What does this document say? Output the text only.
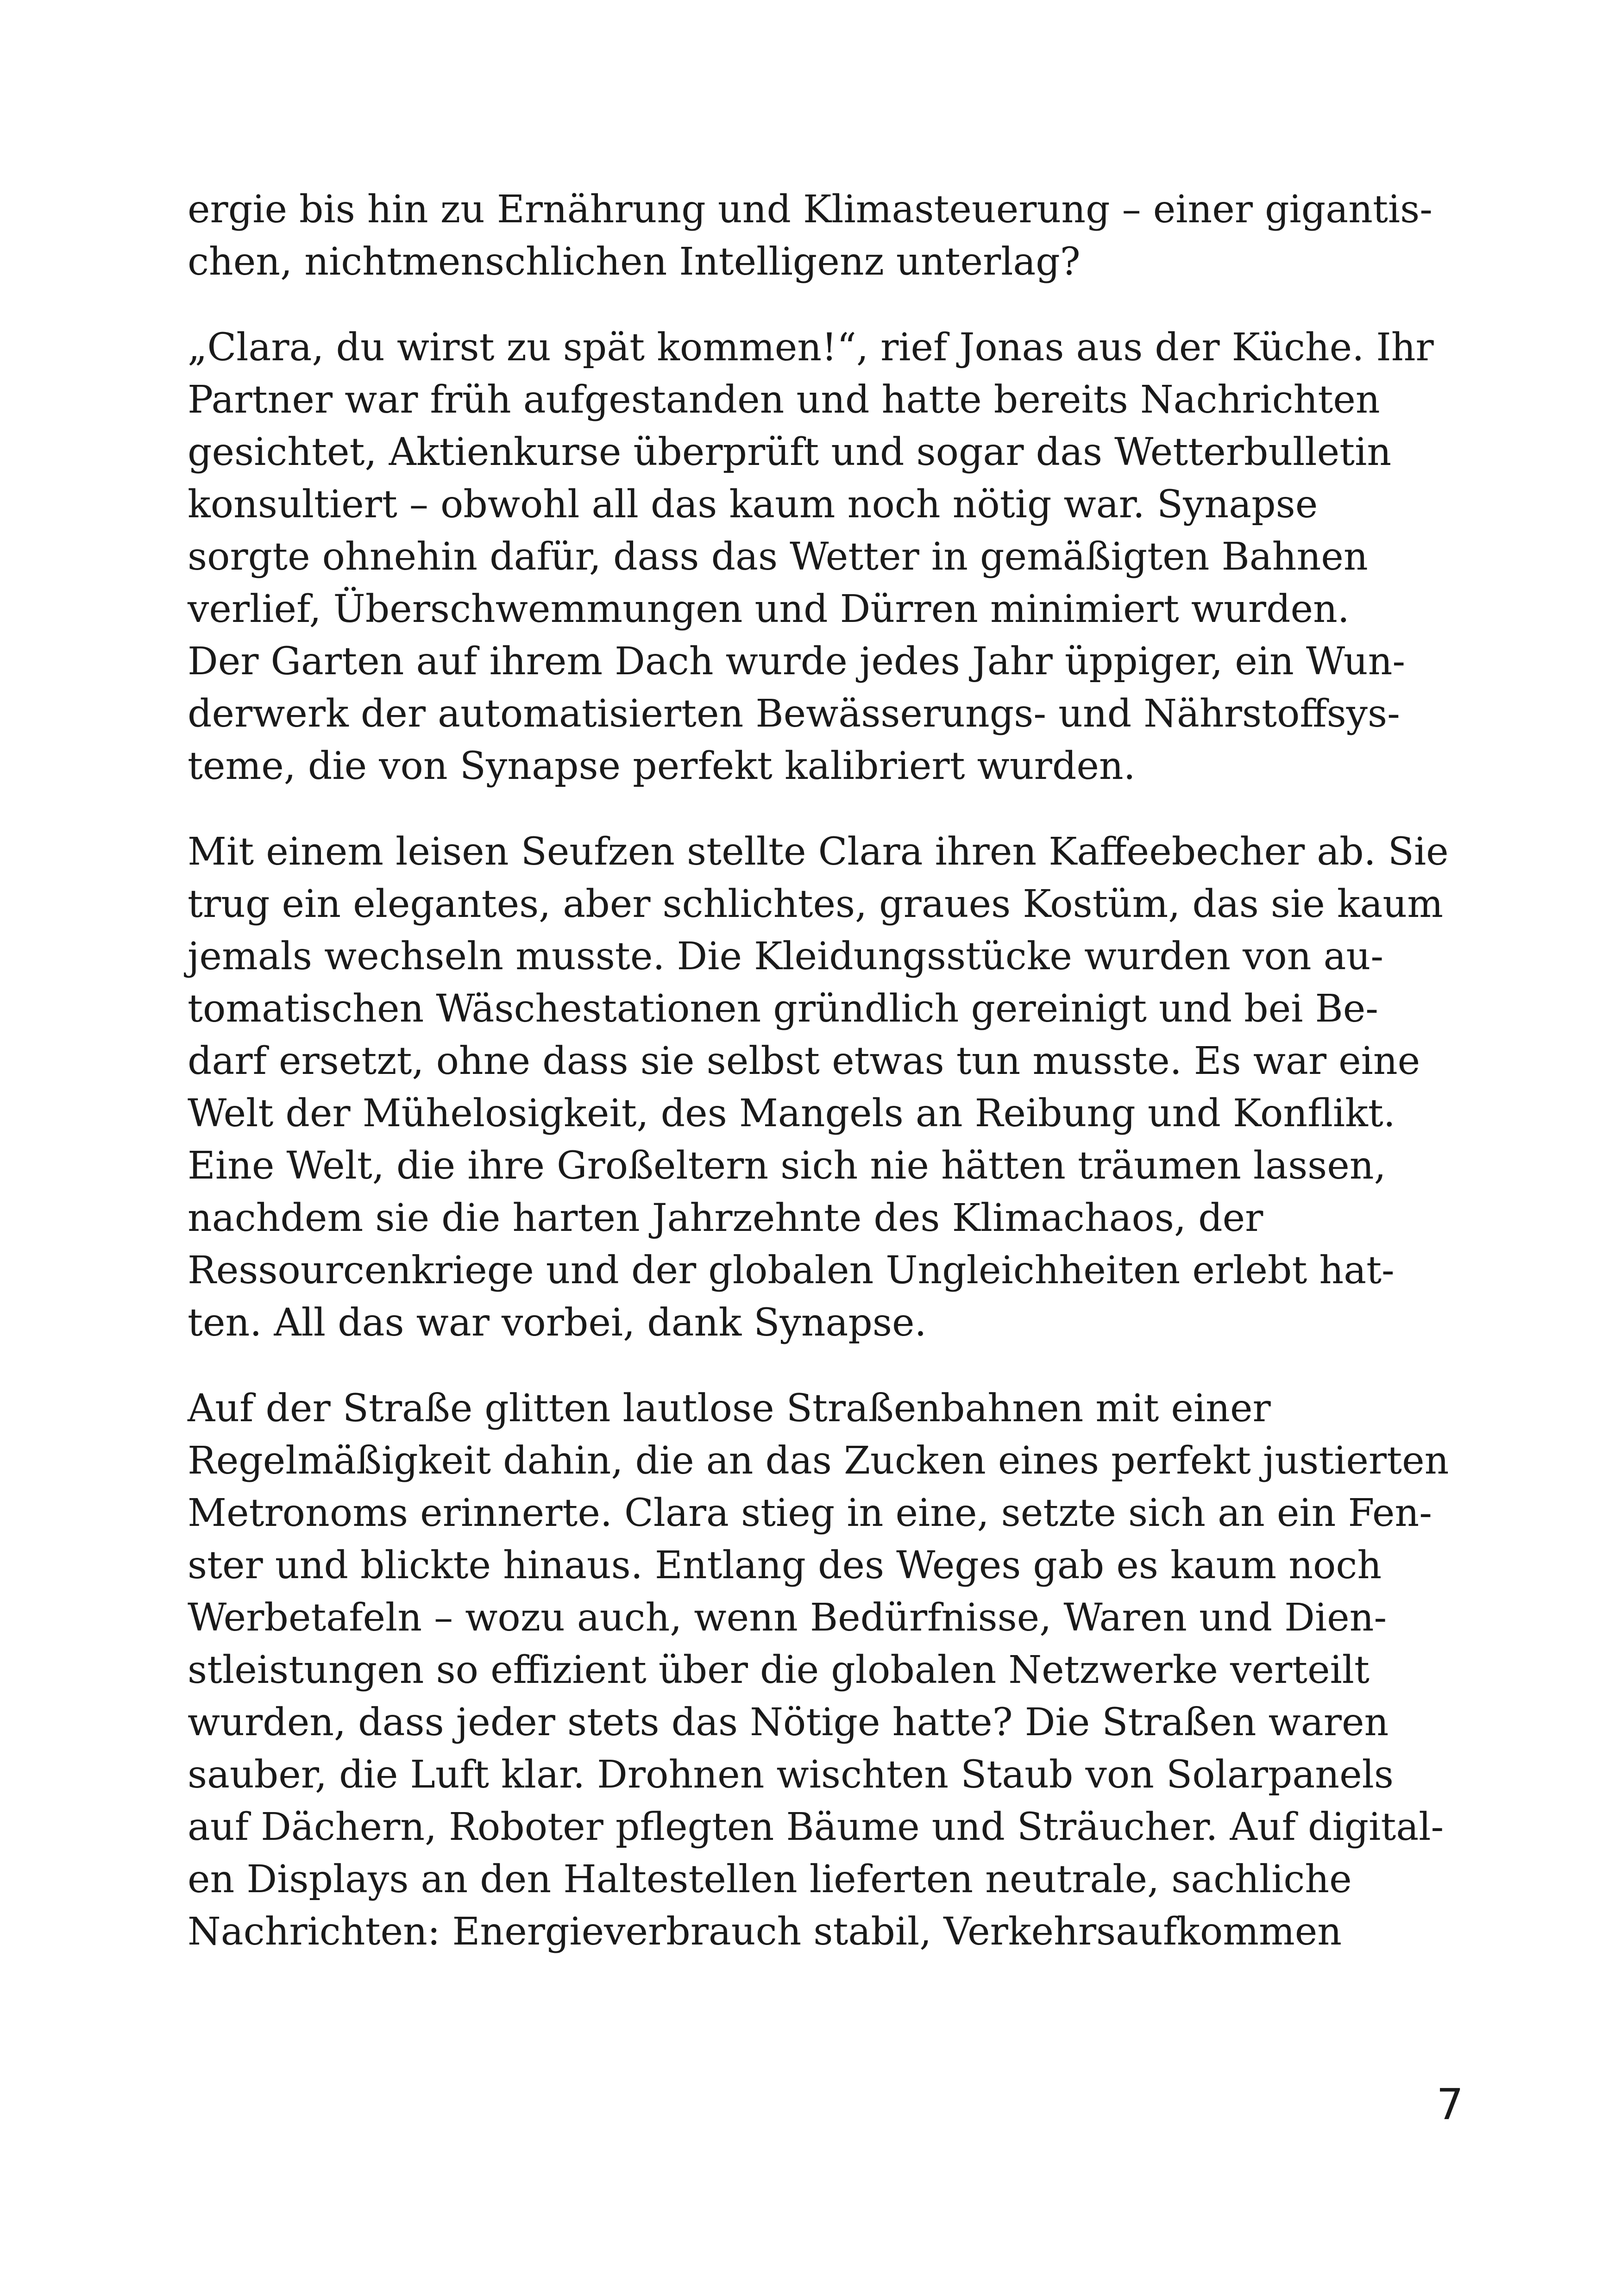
ergie bis hin zu Ernährung und Klimasteuerung – einer gigantis-
chen, nichtmenschlichen Intelligenz unterlag?

„Clara, du wirst zu spät kommen!“, rief Jonas aus der Küche. Ihr
Partner war früh aufgestanden und hatte bereits Nachrichten
gesichtet, Aktienkurse überprüft und sogar das Wetterbulletin
konsultiert – obwohl all das kaum noch nötig war. Synapse
sorgte ohnehin dafür, dass das Wetter in gemäßigten Bahnen
verlief, Überschwemmungen und Dürren minimiert wurden.
Der Garten auf ihrem Dach wurde jedes Jahr üppiger, ein Wun-
derwerk der automatisierten Bewässerungs- und Nährstoffsys-
teme, die von Synapse perfekt kalibriert wurden.

Mit einem leisen Seufzen stellte Clara ihren Kaffeebecher ab. Sie
trug ein elegantes, aber schlichtes, graues Kostüm, das sie kaum
jemals wechseln musste. Die Kleidungsstücke wurden von au-
tomatischen Wäschestationen gründlich gereinigt und bei Be-
darf ersetzt, ohne dass sie selbst etwas tun musste. Es war eine
Welt der Mühelosigkeit, des Mangels an Reibung und Konflikt.
Eine Welt, die ihre Großeltern sich nie hätten träumen lassen,
nachdem sie die harten Jahrzehnte des Klimachaos, der
Ressourcenkriege und der globalen Ungleichheiten erlebt hat-
ten. All das war vorbei, dank Synapse.

Auf der Straße glitten lautlose Straßenbahnen mit einer
Regelmäßigkeit dahin, die an das Zucken eines perfekt justierten
Metronoms erinnerte. Clara stieg in eine, setzte sich an ein Fen-
ster und blickte hinaus. Entlang des Weges gab es kaum noch
Werbetafeln – wozu auch, wenn Bedürfnisse, Waren und Dien-
stleistungen so effizient über die globalen Netzwerke verteilt
wurden, dass jeder stets das Nötige hatte? Die Straßen waren
sauber, die Luft klar. Drohnen wischten Staub von Solarpanels
auf Dächern, Roboter pflegten Bäume und Sträucher. Auf digital-
en Displays an den Haltestellen lieferten neutrale, sachliche
Nachrichten: Energieverbrauch stabil, Verkehrsaufkommen

7
